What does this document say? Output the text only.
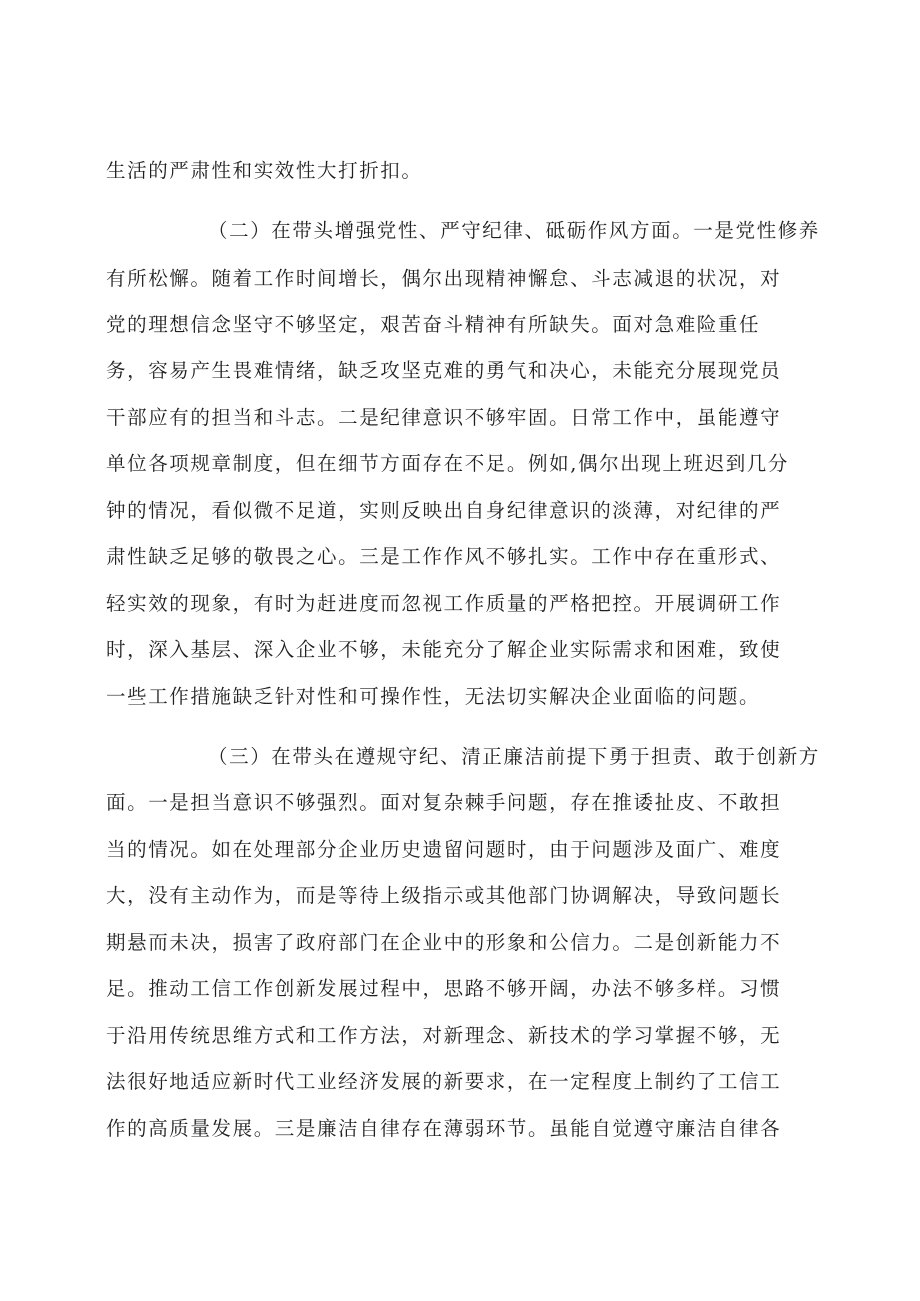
生活的严肃性和实效性大打折扣。
（二）在带头增强党性、严守纪律、砥砺作风方面。一是党性修养
有所松懈。随着工作时间增长，偶尔出现精神懈怠、斗志减退的状况，对
党的理想信念坚守不够坚定，艰苦奋斗精神有所缺失。面对急难险重任
务，容易产生畏难情绪，缺乏攻坚克难的勇气和决心，未能充分展现党员
干部应有的担当和斗志。二是纪律意识不够牢固。日常工作中，虽能遵守
单位各项规章制度，但在细节方面存在不足。例如,偶尔出现上班迟到几分
钟的情况，看似微不足道，实则反映出自身纪律意识的淡薄，对纪律的严
肃性缺乏足够的敬畏之心。三是工作作风不够扎实。工作中存在重形式、
轻实效的现象，有时为赶进度而忽视工作质量的严格把控。开展调研工作
时，深入基层、深入企业不够，未能充分了解企业实际需求和困难，致使
一些工作措施缺乏针对性和可操作性，无法切实解决企业面临的问题。
（三）在带头在遵规守纪、清正廉洁前提下勇于担责、敢于创新方
面。一是担当意识不够强烈。面对复杂棘手问题，存在推诿扯皮、不敢担
当的情况。如在处理部分企业历史遗留问题时，由于问题涉及面广、难度
大，没有主动作为，而是等待上级指示或其他部门协调解决，导致问题长
期悬而未决，损害了政府部门在企业中的形象和公信力。二是创新能力不
足。推动工信工作创新发展过程中，思路不够开阔，办法不够多样。习惯
于沿用传统思维方式和工作方法，对新理念、新技术的学习掌握不够，无
法很好地适应新时代工业经济发展的新要求，在一定程度上制约了工信工
作的高质量发展。三是廉洁自律存在薄弱环节。虽能自觉遵守廉洁自律各
